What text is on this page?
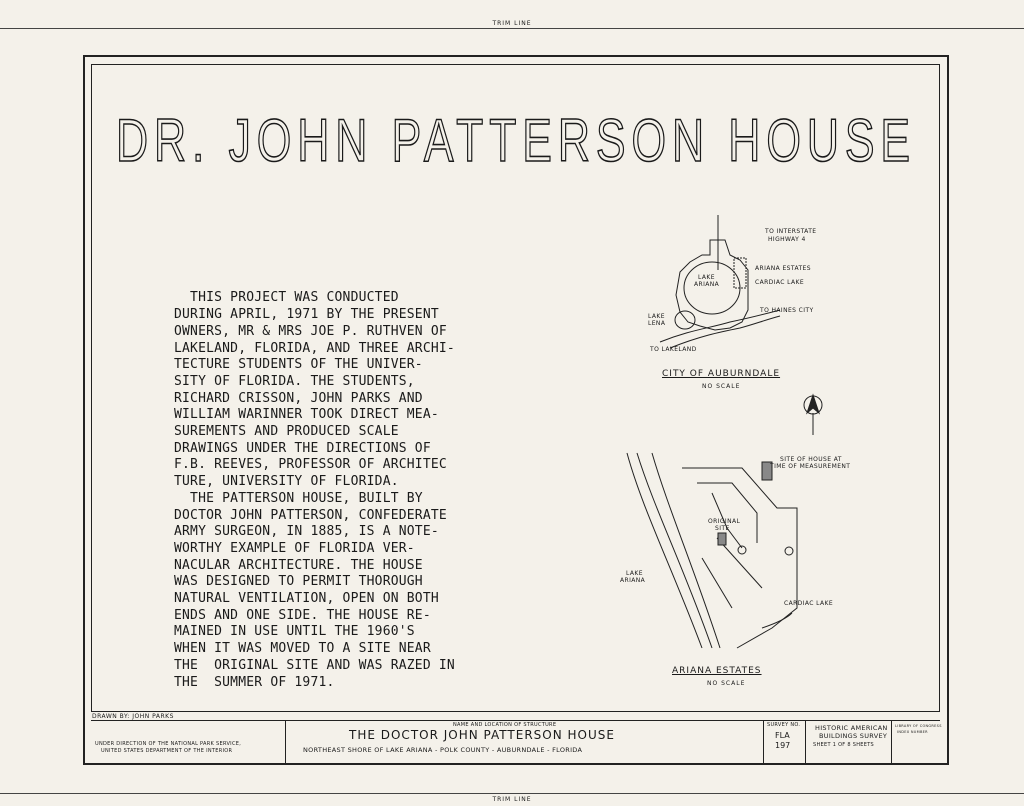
TRIM LINE
TRIM LINE
DR. JOHN PATTERSON HOUSE

THIS PROJECT WAS CONDUCTED
DURING APRIL, 1971 BY THE PRESENT
OWNERS, MR & MRS JOE P. RUTHVEN OF
LAKELAND, FLORIDA, AND THREE ARCHI-
TECTURE STUDENTS OF THE UNIVER-
SITY OF FLORIDA. THE STUDENTS,
RICHARD CRISSON, JOHN PARKS AND
WILLIAM WARINNER TOOK DIRECT MEA-
SUREMENTS AND PRODUCED SCALE
DRAWINGS UNDER THE DIRECTIONS OF
F.B. REEVES, PROFESSOR OF ARCHITEC
TURE, UNIVERSITY OF FLORIDA.
THE PATTERSON HOUSE, BUILT BY
DOCTOR JOHN PATTERSON, CONFEDERATE
ARMY SURGEON, IN 1885, IS A NOTE-
WORTHY EXAMPLE OF FLORIDA VER-
NACULAR ARCHITECTURE. THE HOUSE
WAS DESIGNED TO PERMIT THOROUGH
NATURAL VENTILATION, OPEN ON BOTH
ENDS AND ONE SIDE. THE HOUSE RE-
MAINED IN USE UNTIL THE 1960'S
WHEN IT WAS MOVED TO A SITE NEAR
THE  ORIGINAL SITE AND WAS RAZED IN
THE  SUMMER OF 1971.

TO INTERSTATE
HIGHWAY 4
ARIANA ESTATES
CARDIAC LAKE
LAKE
ARIANA
TO HAINES CITY
LAKE
LENA
TO LAKELAND
CITY OF AUBURNDALE
NO SCALE
SITE OF HOUSE AT
TIME OF MEASUREMENT
ORIGINAL
SITE
LAKE
ARIANA
CARDIAC LAKE
ARIANA ESTATES
NO SCALE
DRAWN BY: JOHN PARKS
UNDER DIRECTION OF THE NATIONAL PARK SERVICE,
UNITED STATES DEPARTMENT OF THE INTERIOR
NAME AND LOCATION OF STRUCTURE
THE DOCTOR JOHN PATTERSON HOUSE
NORTHEAST SHORE OF LAKE ARIANA - POLK COUNTY - AUBURNDALE - FLORIDA
SURVEY NO.
FLA
197
HISTORIC AMERICAN
BUILDINGS SURVEY
SHEET 1 OF 8 SHEETS
LIBRARY OF CONGRESS
INDEX NUMBER
